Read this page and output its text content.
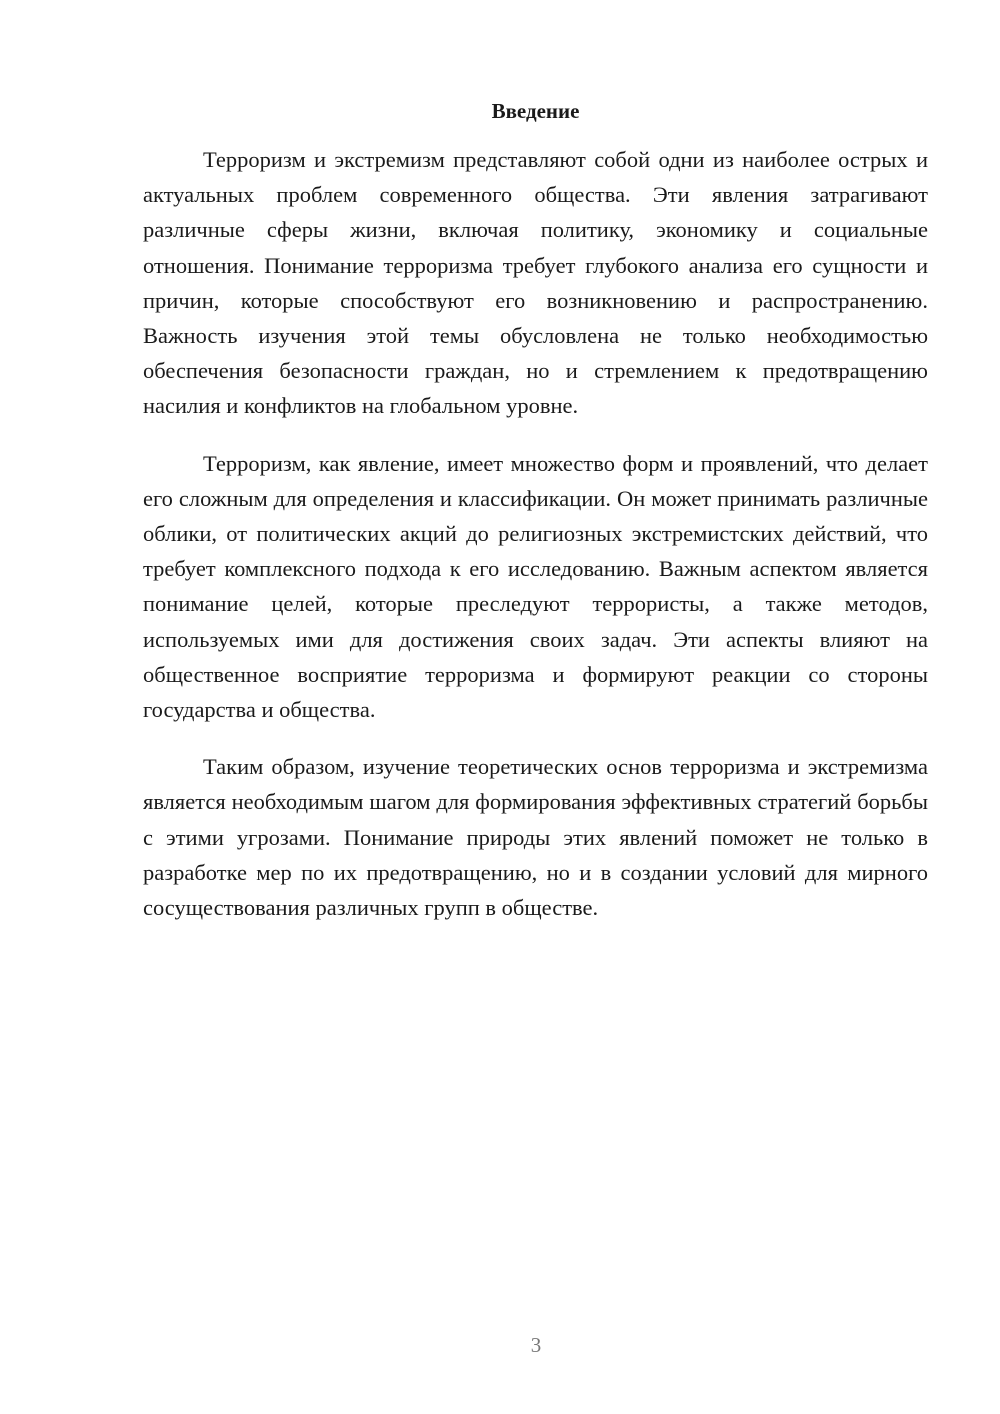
Введение

Терроризм и экстремизм представляют собой одни из наиболее острых и актуальных проблем современного общества. Эти явления затрагивают различные сферы жизни, включая политику, экономику и социальные отношения. Понимание терроризма требует глубокого анализа его сущности и причин, которые способствуют его возникновению и распространению. Важность изучения этой темы обусловлена не только необходимостью обеспечения безопасности граждан, но и стремлением к предотвращению насилия и конфликтов на глобальном уровне.

Терроризм, как явление, имеет множество форм и проявлений, что делает его сложным для определения и классификации. Он может принимать различные облики, от политических акций до религиозных экстремистских действий, что требует комплексного подхода к его исследованию. Важным аспектом является понимание целей, которые преследуют террористы, а также методов, используемых ими для достижения своих задач. Эти аспекты влияют на общественное восприятие терроризма и формируют реакции со стороны государства и общества.

Таким образом, изучение теоретических основ терроризма и экстремизма является необходимым шагом для формирования эффективных стратегий борьбы с этими угрозами. Понимание природы этих явлений поможет не только в разработке мер по их предотвращению, но и в создании условий для мирного сосуществования различных групп в обществе.

3
